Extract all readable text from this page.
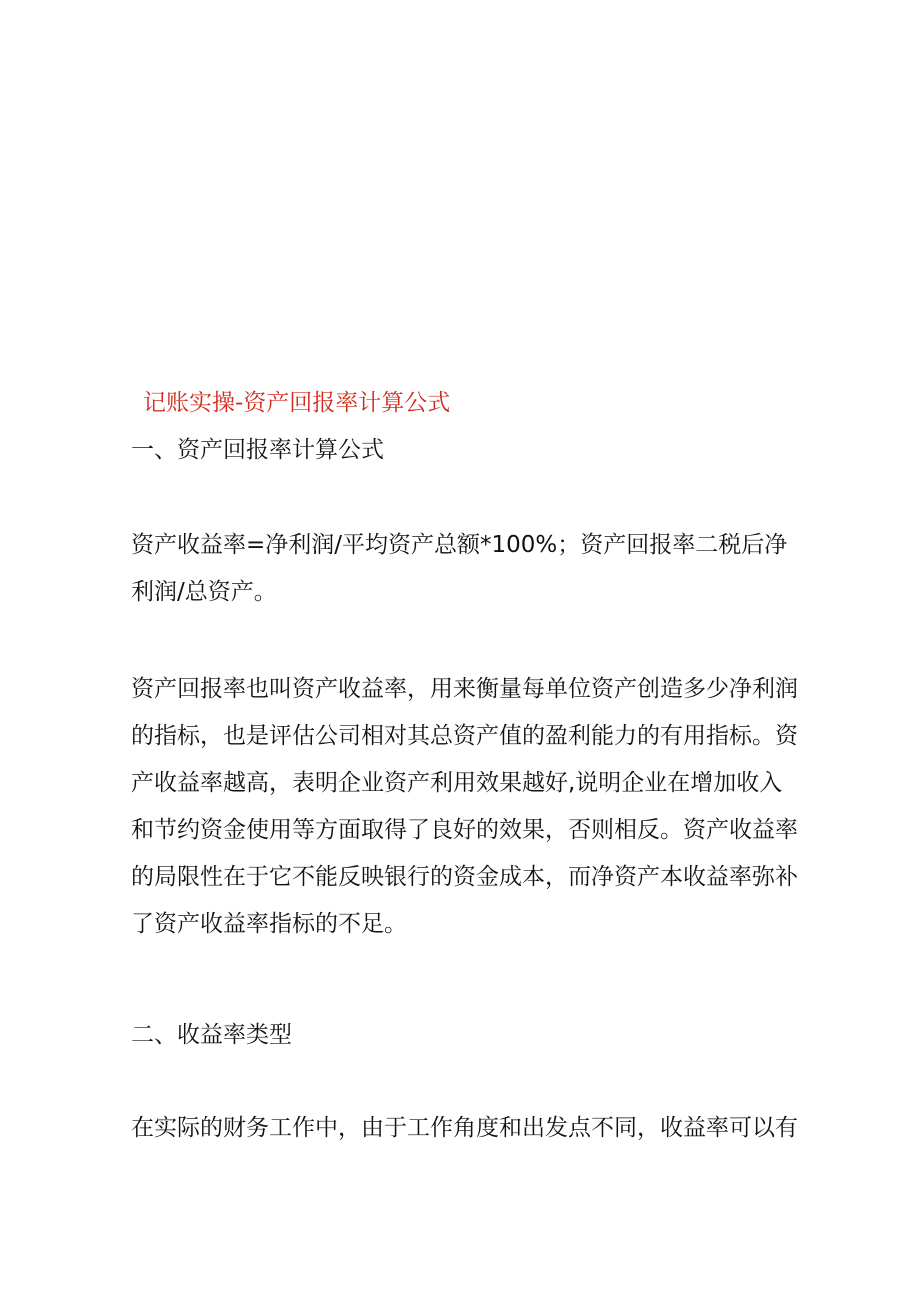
记账实操-资产回报率计算公式
一、资产回报率计算公式
资产收益率=净利润/平均资产总额*100%；资产回报率二税后净
利润/总资产。
资产回报率也叫资产收益率，用来衡量每单位资产创造多少净利润
的指标，也是评估公司相对其总资产值的盈利能力的有用指标。资
产收益率越高，表明企业资产利用效果越好,说明企业在增加收入
和节约资金使用等方面取得了良好的效果，否则相反。资产收益率
的局限性在于它不能反映银行的资金成本，而净资产本收益率弥补
了资产收益率指标的不足。
二、收益率类型
在实际的财务工作中，由于工作角度和出发点不同，收益率可以有
